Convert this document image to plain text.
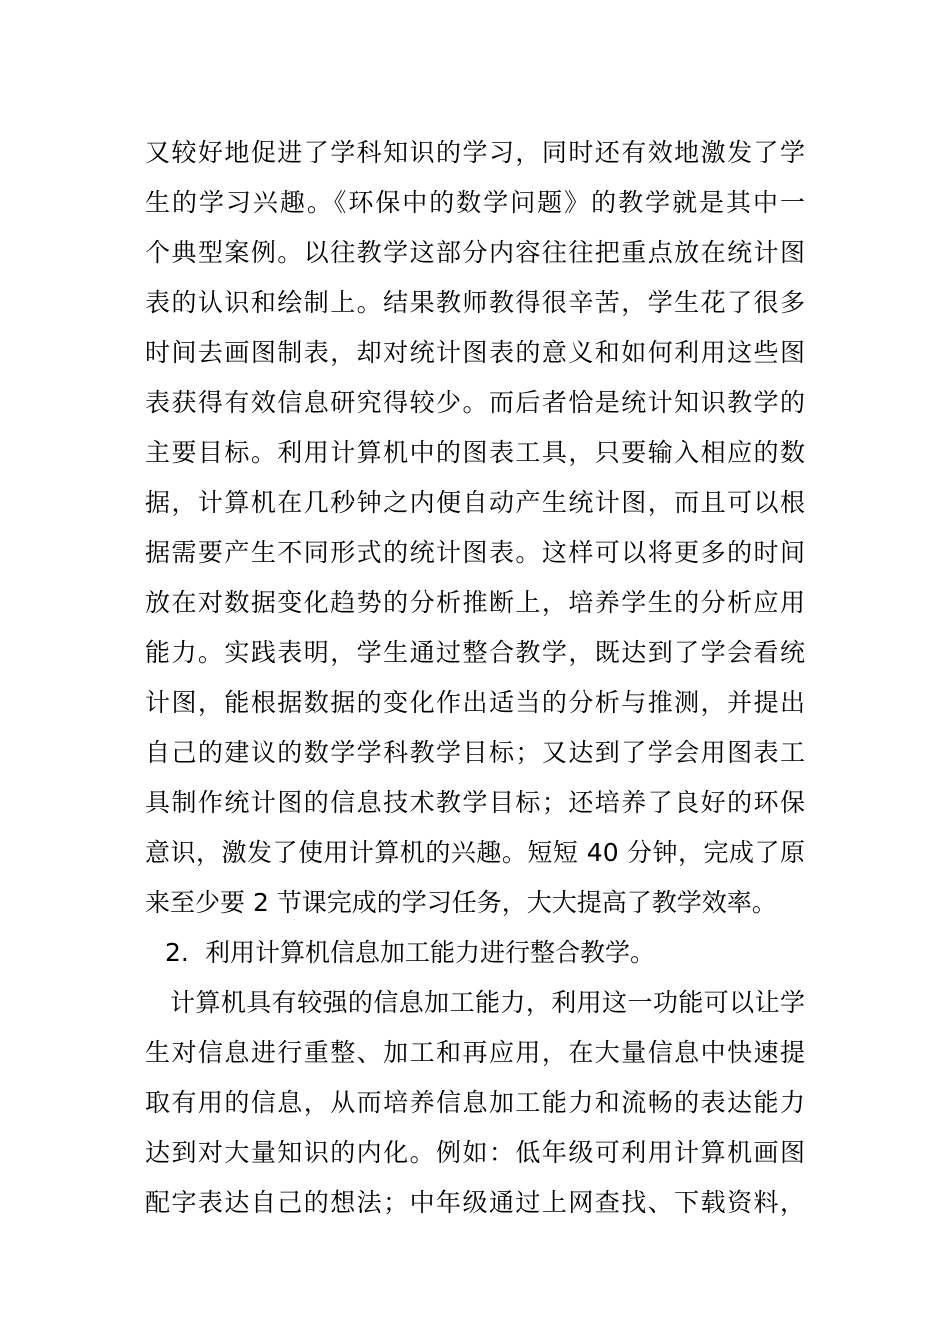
又较好地促进了学科知识的学习，同时还有效地激发了学
生的学习兴趣。《环保中的数学问题》的教学就是其中一
个典型案例。以往教学这部分内容往往把重点放在统计图
表的认识和绘制上。结果教师教得很辛苦，学生花了很多
时间去画图制表，却对统计图表的意义和如何利用这些图
表获得有效信息研究得较少。而后者恰是统计知识教学的
主要目标。利用计算机中的图表工具，只要输入相应的数
据，计算机在几秒钟之内便自动产生统计图，而且可以根
据需要产生不同形式的统计图表。这样可以将更多的时间
放在对数据变化趋势的分析推断上，培养学生的分析应用
能力。实践表明，学生通过整合教学，既达到了学会看统
计图，能根据数据的变化作出适当的分析与推测，并提出
自己的建议的数学学科教学目标；又达到了学会用图表工
具制作统计图的信息技术教学目标；还培养了良好的环保
意识，激发了使用计算机的兴趣。短短 40 分钟，完成了原
来至少要 2 节课完成的学习任务，大大提高了教学效率。
2. 利用计算机信息加工能力进行整合教学。
计算机具有较强的信息加工能力，利用这一功能可以让学
生对信息进行重整、加工和再应用，在大量信息中快速提
取有用的信息，从而培养信息加工能力和流畅的表达能力
达到对大量知识的内化。例如：低年级可利用计算机画图
配字表达自己的想法；中年级通过上网查找、下载资料，
